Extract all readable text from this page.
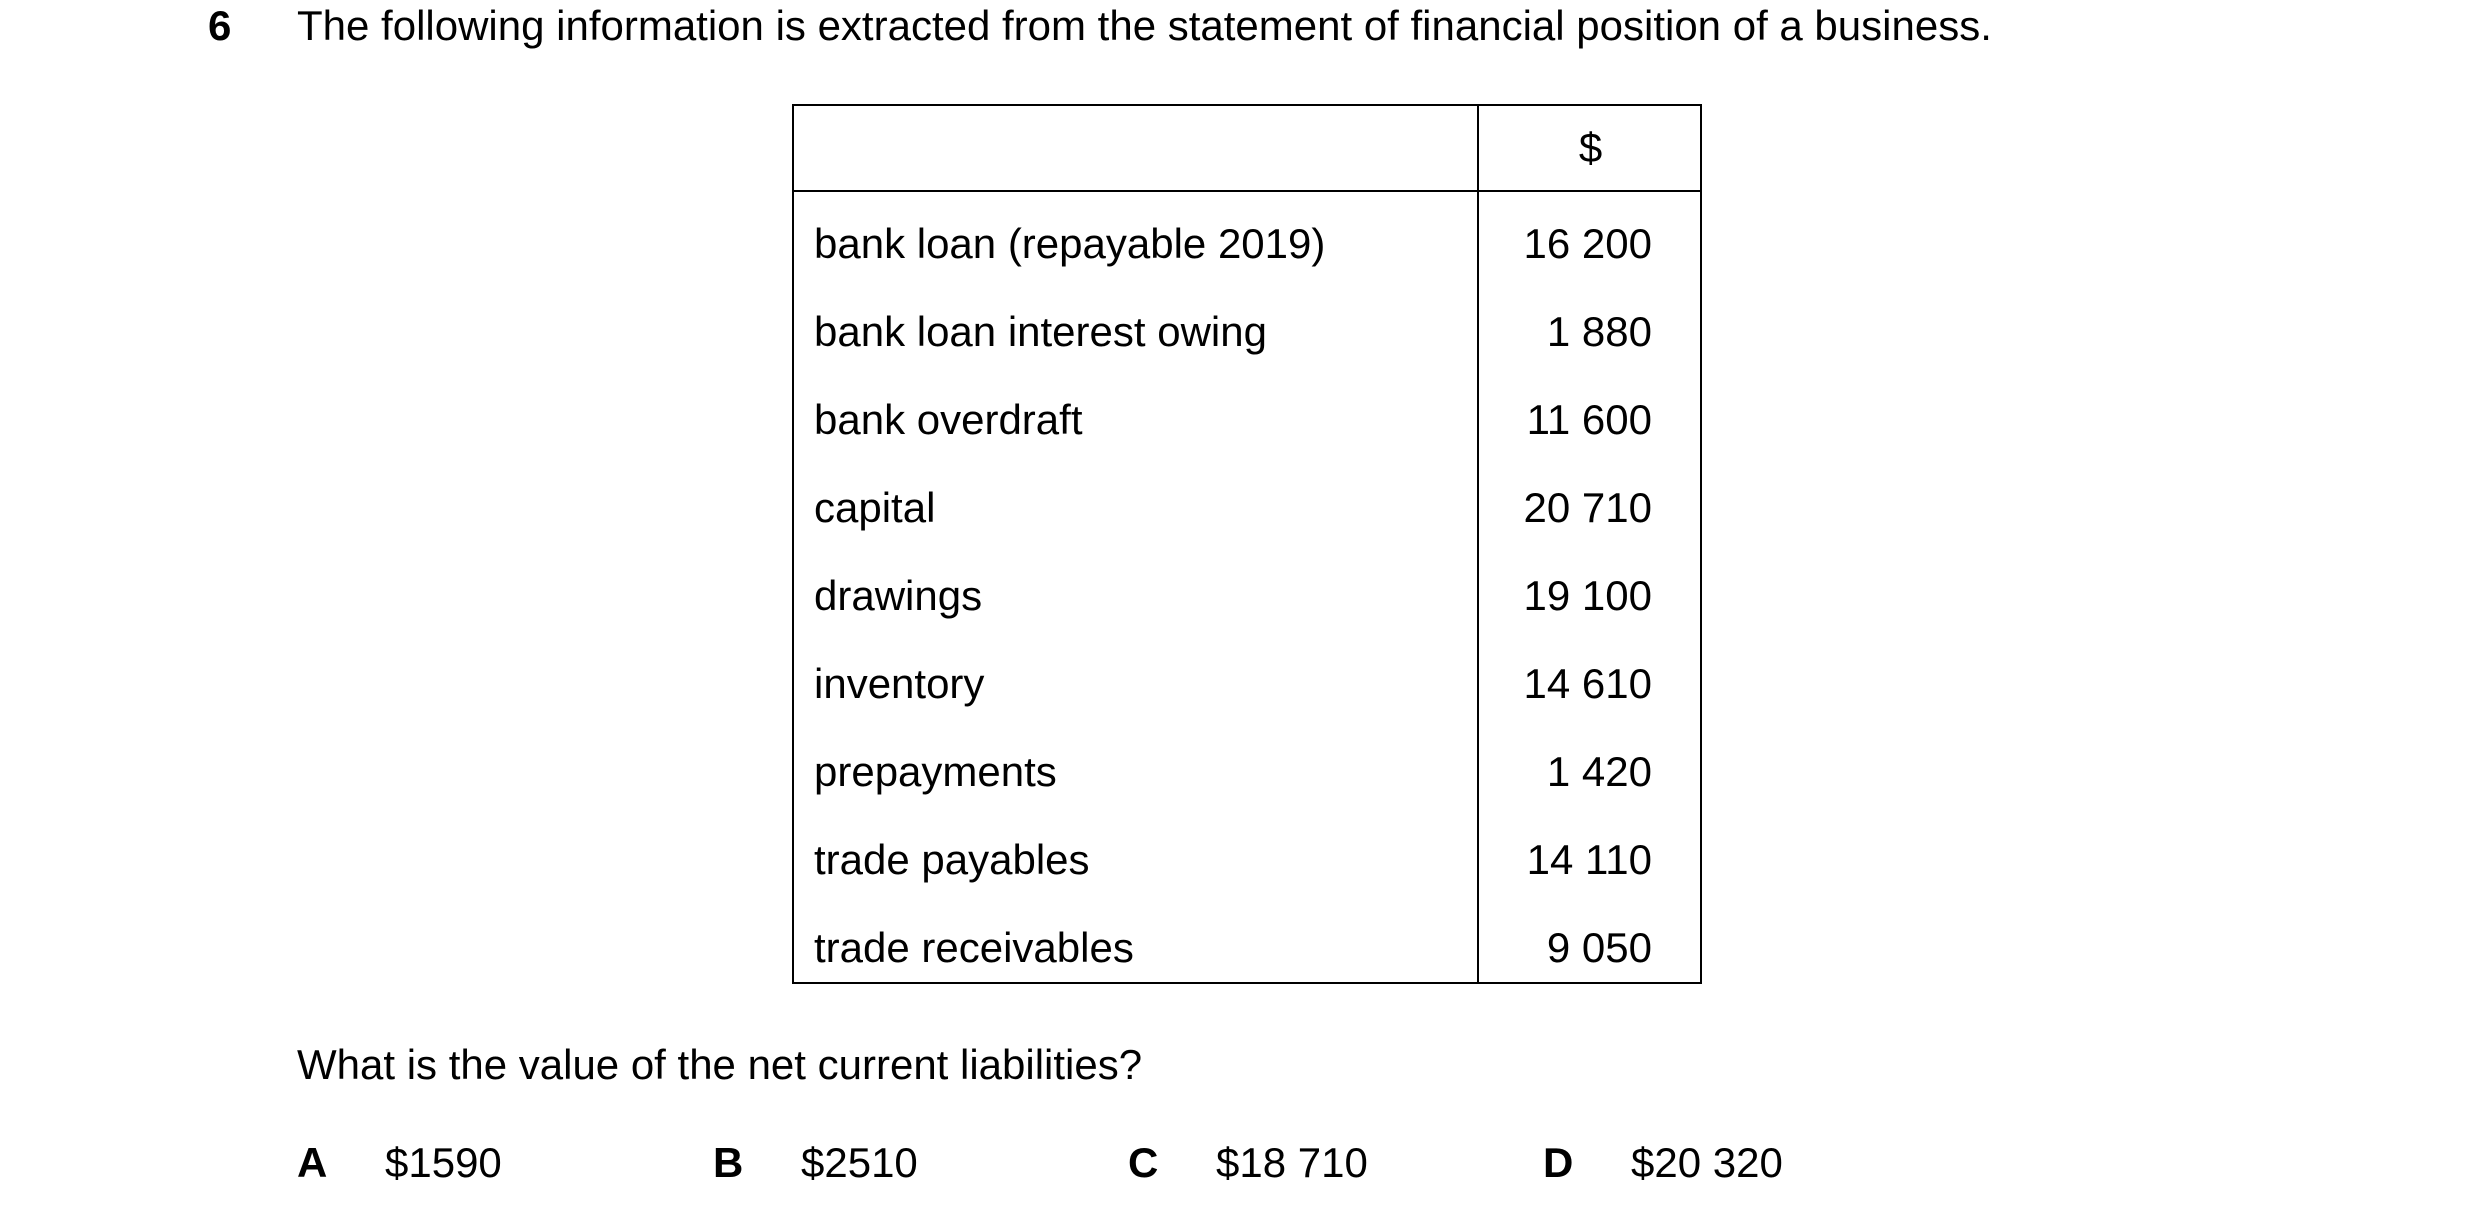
6 The following information is extracted from the statement of financial position of a business.
$
bank loan (repayable 2019)	16 200
bank loan interest owing	1 880
bank overdraft	11 600
capital	20 710
drawings	19 100
inventory	14 610
prepayments	1 420
trade payables	14 110
trade receivables	9 050
What is the value of the net current liabilities?
A $1590	B $2510	C $18 710	D $20 320
